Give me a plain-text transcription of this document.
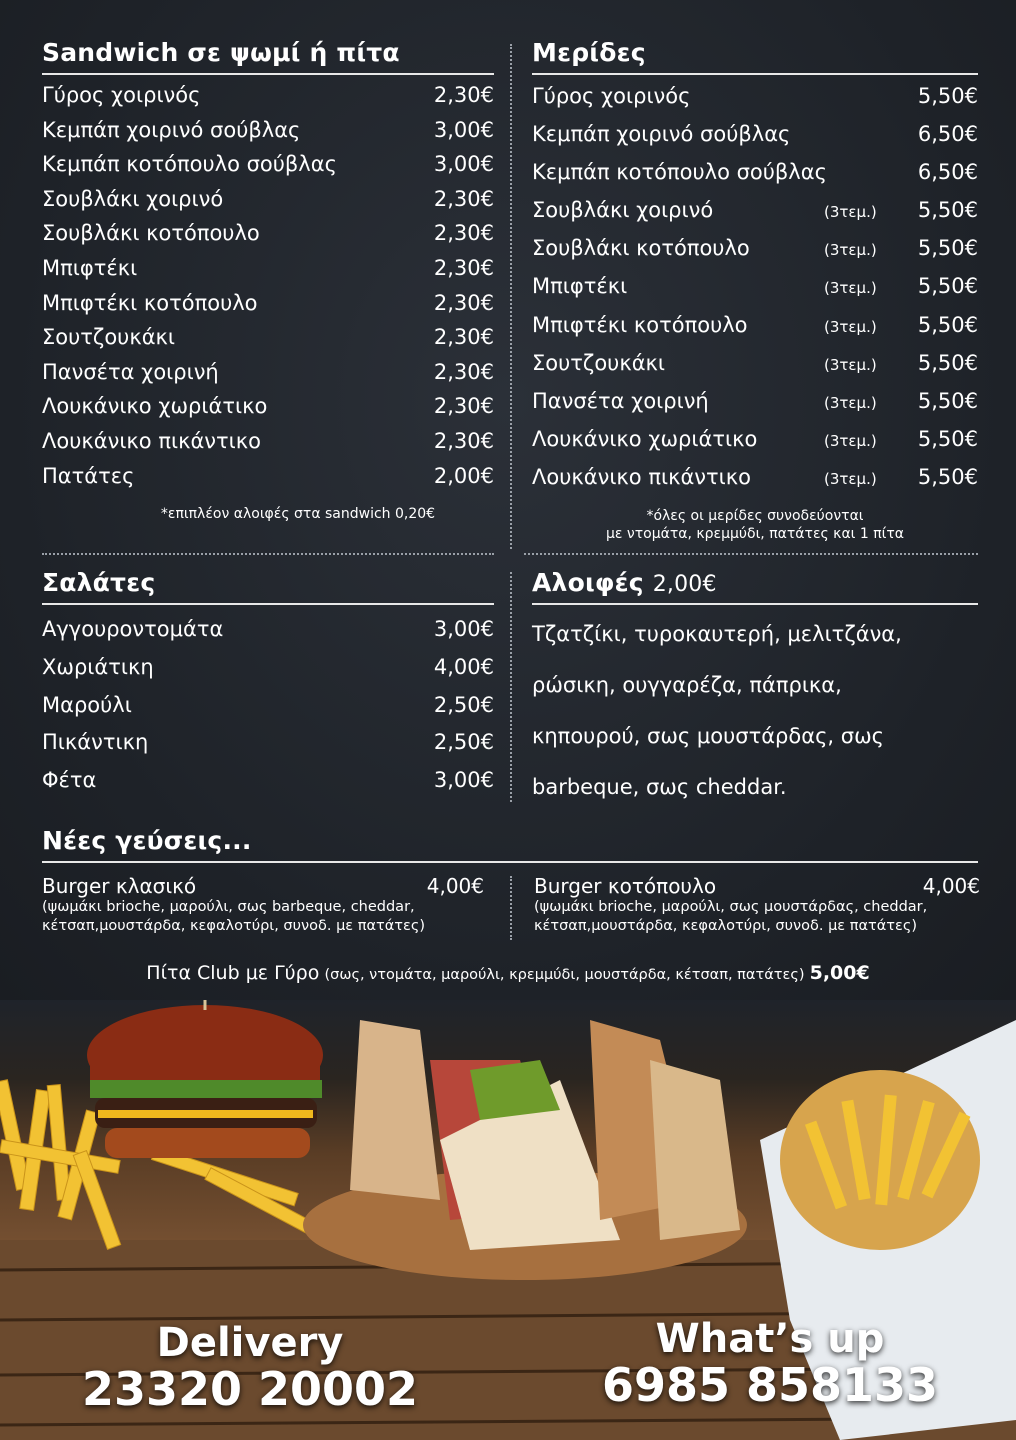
Sandwich σε ψωμί ή πίτα
Γύρος χοιρινός	2,30€
Κεμπάπ χοιρινό σούβλας	3,00€
Κεμπάπ κοτόπουλο σούβλας	3,00€
Σουβλάκι χοιρινό	2,30€
Σουβλάκι κοτόπουλο	2,30€
Μπιφτέκι	2,30€
Μπιφτέκι κοτόπουλο	2,30€
Σουτζουκάκι	2,30€
Πανσέτα χοιρινή	2,30€
Λουκάνικο χωριάτικο	2,30€
Λουκάνικο πικάντικο	2,30€
Πατάτες	2,00€
*επιπλέον αλοιφές στα sandwich 0,20€
Μερίδες
Γύρος χοιρινός	5,50€
Κεμπάπ χοιρινό σούβλας	6,50€
Κεμπάπ κοτόπουλο σούβλας	6,50€
Σουβλάκι χοιρινό	(3τεμ.)	5,50€
Σουβλάκι κοτόπουλο	(3τεμ.)	5,50€
Μπιφτέκι	(3τεμ.)	5,50€
Μπιφτέκι κοτόπουλο	(3τεμ.)	5,50€
Σουτζουκάκι	(3τεμ.)	5,50€
Πανσέτα χοιρινή	(3τεμ.)	5,50€
Λουκάνικο χωριάτικο	(3τεμ.)	5,50€
Λουκάνικο πικάντικο	(3τεμ.)	5,50€
*όλες οι μερίδες συνοδεύονται
με ντομάτα, κρεμμύδι, πατάτες και 1 πίτα
Σαλάτες
Αγγουροντομάτα	3,00€
Χωριάτικη	4,00€
Μαρούλι	2,50€
Πικάντικη	2,50€
Φέτα	3,00€
Αλοιφές 2,00€
Τζατζίκι, τυροκαυτερή, μελιτζάνα,
ρώσικη, ουγγαρέζα, πάπρικα,
κηπουρού, σως μουστάρδας, σως
barbeque, σως cheddar.
Νέες γεύσεις...
Burger κλασικό	4,00€
(ψωμάκι brioche, μαρούλι, σως barbeque, cheddar,
κέτσαπ,μουστάρδα, κεφαλοτύρι, συνοδ. με πατάτες)
Burger κοτόπουλο	4,00€
(ψωμάκι brioche, μαρούλι, σως μουστάρδας, cheddar,
κέτσαπ,μουστάρδα, κεφαλοτύρι, συνοδ. με πατάτες)
Πίτα Club με Γύρο (σως, ντομάτα, μαρούλι, κρεμμύδι, μουστάρδα, κέτσαπ, πατάτες) 5,00€
Delivery
23320 20002
What’s up
6985 858133
